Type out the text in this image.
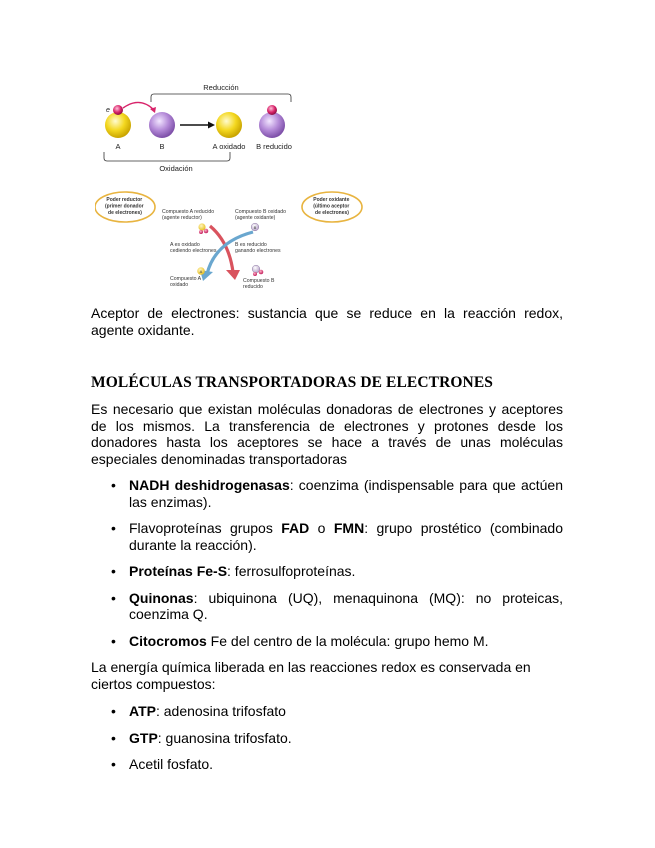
Reducción
Oxidación
e
A	B	A oxidado B reducido
Poder reductor (primer donador de electrones)
Poder oxidante (último aceptor de electrones)
Compuesto A reducido (agente reductor)
Compuesto B oxidado (agente oxidante)
B
A es oxidado cediendo electrones
B es reducido ganando electrones
A
Compuesto A oxidado
Compuesto B reducido

Aceptor de electrones: sustancia que se reduce en la reacción redox, agente oxidante.

MOLÉCULAS TRANSPORTADORAS DE ELECTRONES

Es necesario que existan moléculas donadoras de electrones y aceptores de los mismos. La transferencia de electrones y protones desde los donadores hasta los aceptores se hace a través de unas moléculas especiales denominadas transportadoras

• NADH deshidrogenasas: coenzima (indispensable para que actúen las enzimas).
• Flavoproteínas grupos FAD o FMN: grupo prostético (combinado durante la reacción).
• Proteínas Fe-S: ferrosulfoproteínas.
• Quinonas: ubiquinona (UQ), menaquinona (MQ): no proteicas, coenzima Q.
• Citocromos Fe del centro de la molécula: grupo hemo M.

La energía química liberada en las reacciones redox es conservada en ciertos compuestos:

• ATP: adenosina trifosfato
• GTP: guanosina trifosfato.
• Acetil fosfato.
